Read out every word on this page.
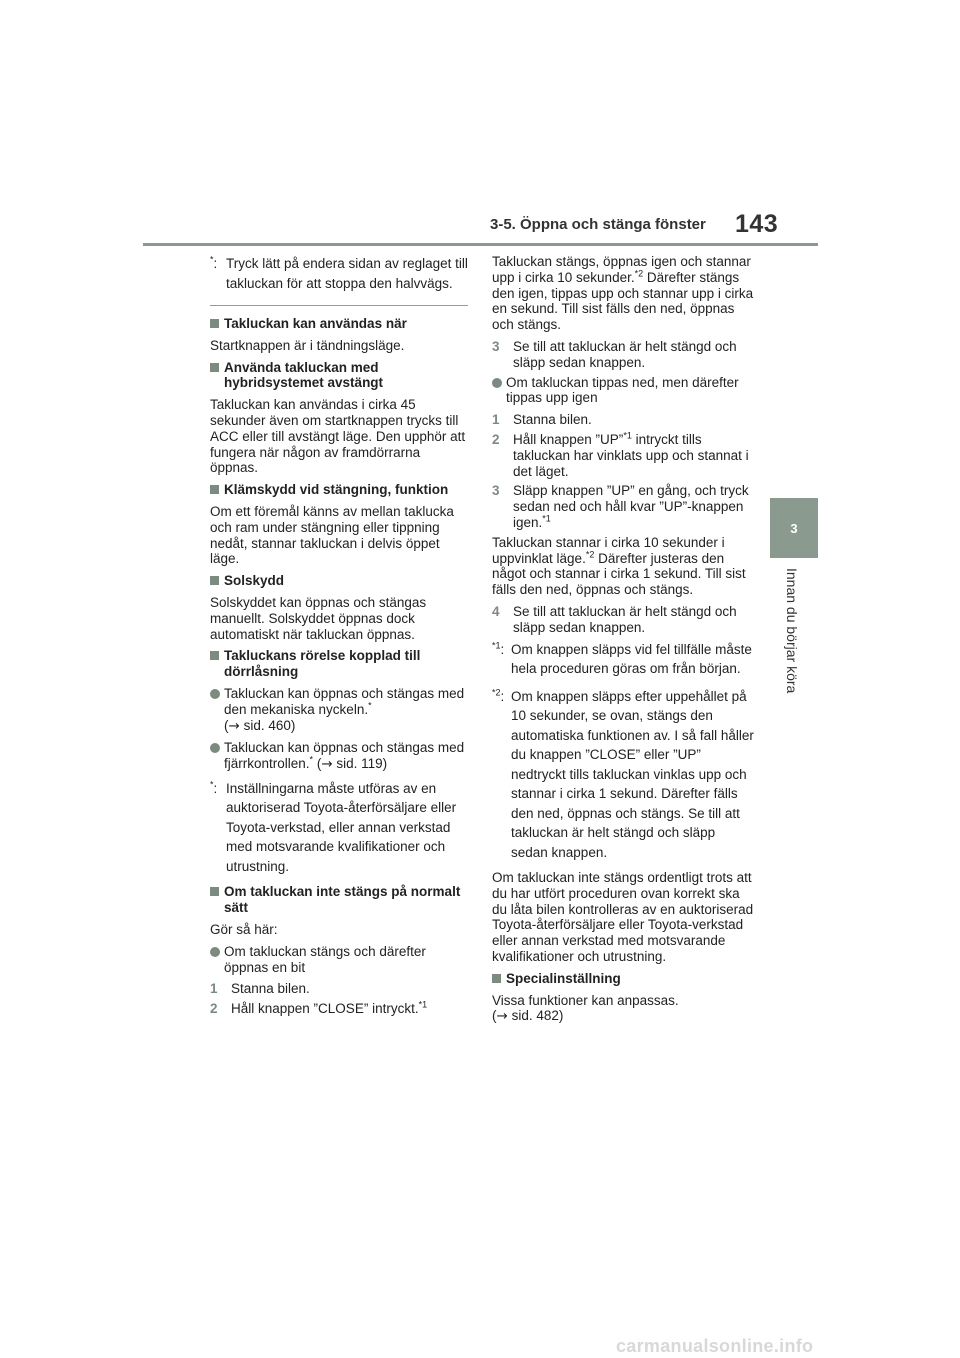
3-5. Öppna och stänga fönster 143
3
Innan du börjar köra

*: Tryck lätt på endera sidan av reglaget till takluckan för att stoppa den halvvägs.

Takluckan kan användas när

Startknappen är i tändningsläge.

Använda takluckan med hybridsystemet avstängt

Takluckan kan användas i cirka 45 sekunder även om startknappen trycks till ACC eller till avstängt läge. Den upphör att fungera när någon av framdörrarna öppnas.

Klämskydd vid stängning, funktion

Om ett föremål känns av mellan taklucka och ram under stängning eller tippning nedåt, stannar takluckan i delvis öppet läge.

Solskydd

Solskyddet kan öppnas och stängas manuellt. Solskyddet öppnas dock automatiskt när takluckan öppnas.

Takluckans rörelse kopplad till dörrlåsning

Takluckan kan öppnas och stängas med den mekaniska nyckeln.*
(→ sid. 460)

Takluckan kan öppnas och stängas med fjärrkontrollen.* (→ sid. 119)

*: Inställningarna måste utföras av en auktoriserad Toyota-återförsäljare eller Toyota-verkstad, eller annan verkstad med motsvarande kvalifikationer och utrustning.

Om takluckan inte stängs på normalt sätt

Gör så här:

Om takluckan stängs och därefter öppnas en bit

1 Stanna bilen.

2 Håll knappen ”CLOSE” intryckt.$^{*1}$

Takluckan stängs, öppnas igen och stannar upp i cirka 10 sekunder.$^{*2}$ Därefter stängs den igen, tippas upp och stannar upp i cirka en sekund. Till sist fälls den ned, öppnas och stängs.

3 Se till att takluckan är helt stängd och släpp sedan knappen.

Om takluckan tippas ned, men därefter tippas upp igen

1 Stanna bilen.

2 Håll knappen ”UP”$^{*1}$ intryckt tills takluckan har vinklats upp och stannat i det läget.

3 Släpp knappen ”UP” en gång, och tryck sedan ned och håll kvar ”UP”-knappen igen.$^{*1}$

Takluckan stannar i cirka 10 sekunder i uppvinklat läge.$^{*2}$ Därefter justeras den något och stannar i cirka 1 sekund. Till sist fälls den ned, öppnas och stängs.

4 Se till att takluckan är helt stängd och släpp sedan knappen.

$^{*1}$: Om knappen släpps vid fel tillfälle måste hela proceduren göras om från början.

$^{*2}$: Om knappen släpps efter uppehållet på 10 sekunder, se ovan, stängs den automatiska funktionen av. I så fall håller du knappen ”CLOSE” eller ”UP” nedtryckt tills takluckan vinklas upp och stannar i cirka 1 sekund. Därefter fälls den ned, öppnas och stängs. Se till att takluckan är helt stängd och släpp sedan knappen.

Om takluckan inte stängs ordentligt trots att du har utfört proceduren ovan korrekt ska du låta bilen kontrolleras av en auktoriserad Toyota-återförsäljare eller Toyota-verkstad eller annan verkstad med motsvarande kvalifikationer och utrustning.

Specialinställning

Vissa funktioner kan anpassas.
(→ sid. 482)

carmanualsonline.info
